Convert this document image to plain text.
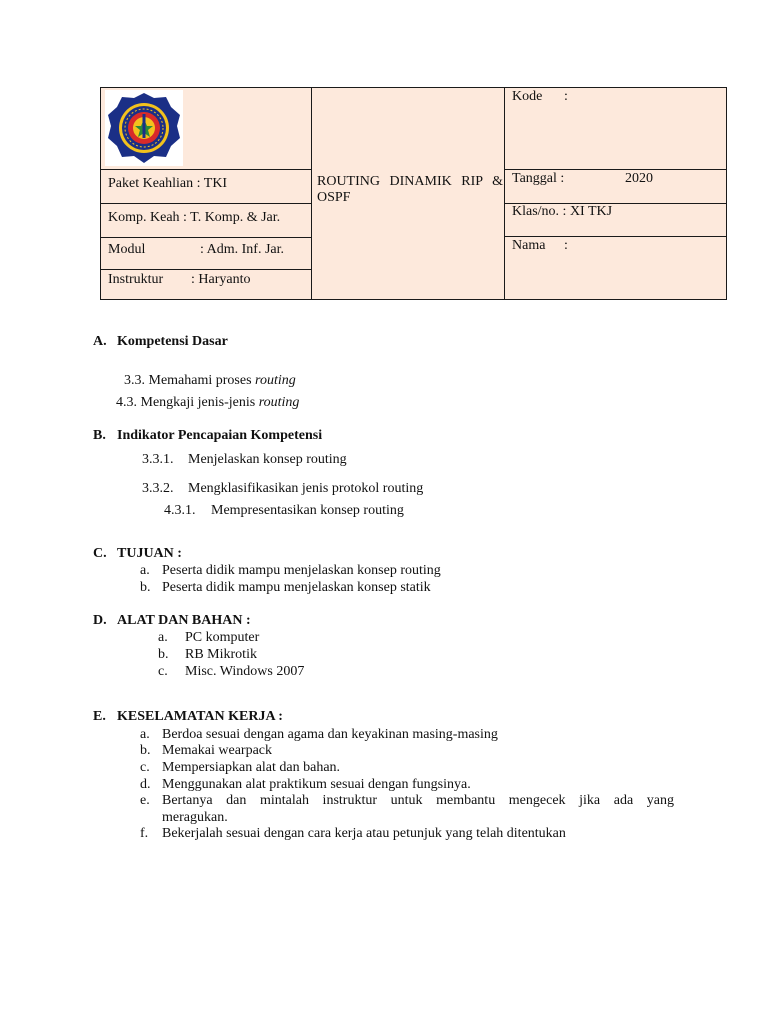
Paket Keahlian : TKI
Komp. Keah : T. Komp. & Jar.
Modul	: Adm. Inf. Jar.
Instruktur : Haryanto
ROUTING DINAMIK RIP & OSPF
Kode :
Tanggal :	2020
Klas/no. : XI TKJ
Nama :
A. Kompetensi Dasar
3.3. Memahami proses routing
4.3. Mengkaji jenis-jenis routing
B. Indikator Pencapaian Kompetensi
3.3.1. Menjelaskan konsep routing
3.3.2. Mengklasifikasikan jenis protokol routing
4.3.1. Mempresentasikan konsep routing
C. TUJUAN :
a. Peserta didik mampu menjelaskan konsep routing
b. Peserta didik mampu menjelaskan konsep statik
D. ALAT DAN BAHAN :
a. PC komputer
b. RB Mikrotik
c. Misc. Windows 2007
E. KESELAMATAN KERJA :
a. Berdoa sesuai dengan agama dan keyakinan masing-masing
b. Memakai wearpack
c. Mempersiapkan alat dan bahan.
d. Menggunakan alat praktikum sesuai dengan fungsinya.
e. Bertanya dan mintalah instruktur untuk membantu mengecek jika ada yang
meragukan.
f. Bekerjalah sesuai dengan cara kerja atau petunjuk yang telah ditentukan
